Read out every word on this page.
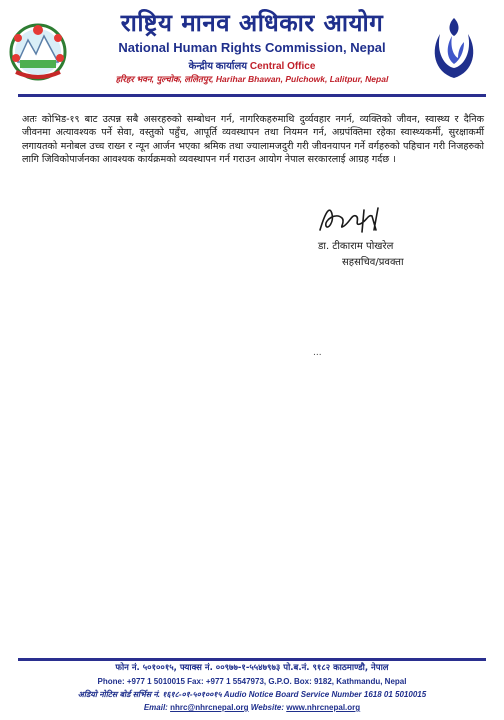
राष्ट्रिय मानव अधिकार आयोग
National Human Rights Commission, Nepal
केन्द्रीय कार्यालय Central Office
हरिहर भवन, पुल्चोक, ललितपुर, Harihar Bhawan, Pulchowk, Lalitpur, Nepal
अतः कोभिड-१९ बाट उत्पन्न सबै असरहरुको सम्बोधन गर्न, नागरिकहरुमाथि दुर्व्यवहार नगर्न, व्यक्तिको जीवन, स्वास्थ्य र दैनिक जीवनमा अत्यावश्यक पर्ने सेवा, वस्तुको पहुँच, आपूर्ति व्यवस्थापन तथा नियमन गर्न, अग्रपंक्तिमा रहेका स्वास्थ्यकर्मी, सुरक्षाकर्मी लगायतको मनोबल उच्च राख्न र न्यून आर्जन भएका श्रमिक तथा ज्यालामजदुरी गरी जीवनयापन गर्ने वर्गहरुको पहिचान गरी निजहरुको लागि जिविकोपार्जनका आवश्यक कार्यक्रमको व्यवस्थापन गर्न गराउन आयोग नेपाल सरकारलाई आग्रह गर्दछ ।
डा. टीकाराम पोखरेल
सहसचिव/प्रवक्ता
...
फोन नं. ५०१००१५, फ्याक्स नं. ००९७७-१-५५४७९७३ पो.ब.नं. ९१८२ काठमाण्डौ, नेपाल
Phone: +977 1 5010015 Fax: +977 1 5547973, G.P.O. Box: 9182, Kathmandu, Nepal
अडियो नोटिस बोर्ड सर्भिस नं. १६१८-०१-५०१००१५ Audio Notice Board Service Number 1618 01 5010015
Email: nhrc@nhrcnepal.org Website: www.nhrcnepal.org
